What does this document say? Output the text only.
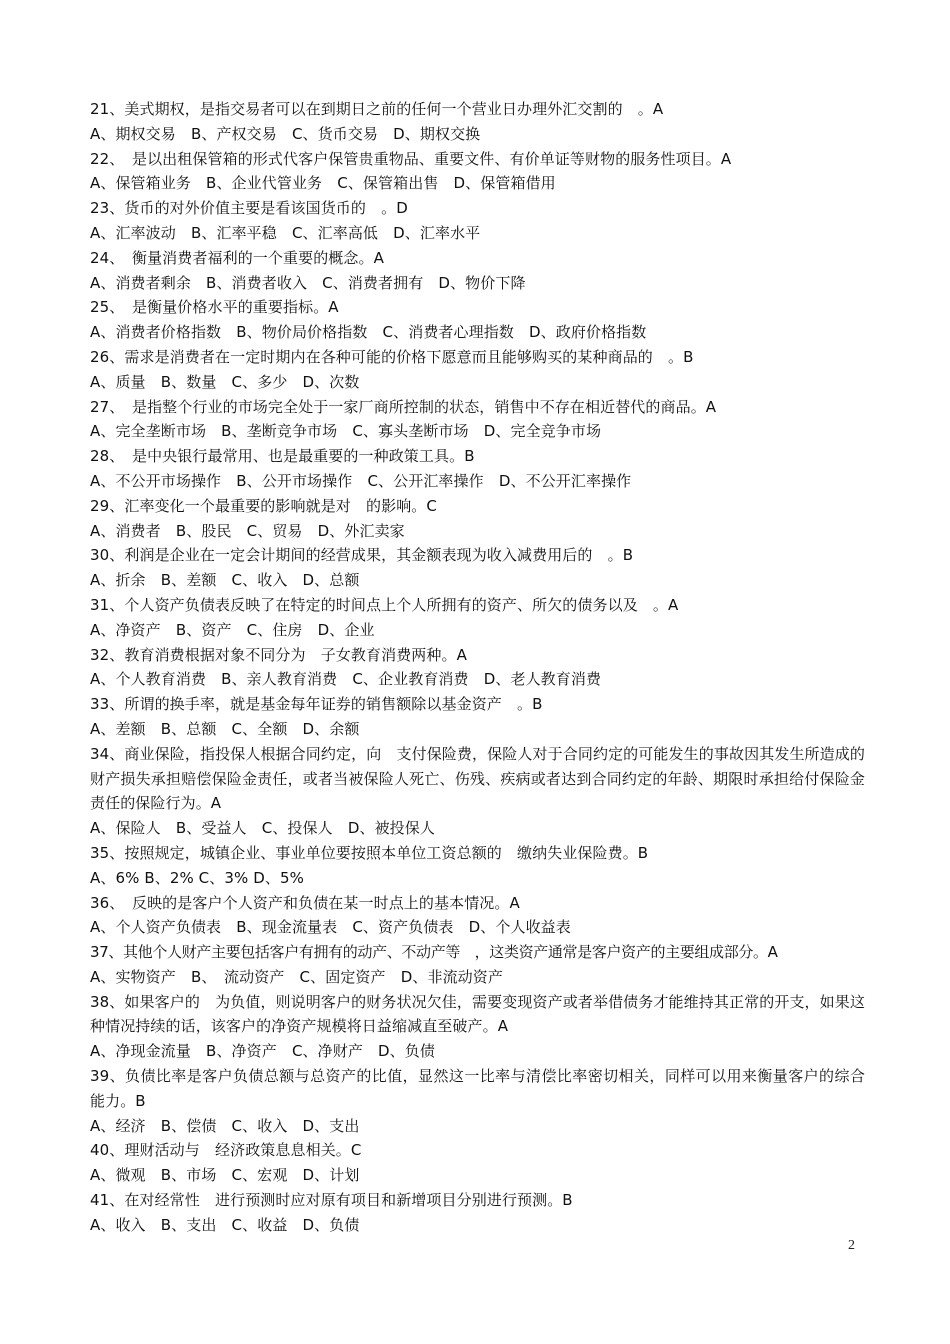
21、美式期权，是指交易者可以在到期日之前的任何一个营业日办理外汇交割的　。A

A、期权交易　B、产权交易　C、货币交易　D、期权交换

22、　是以出租保管箱的形式代客户保管贵重物品、重要文件、有价单证等财物的服务性项目。A

A、保管箱业务　B、企业代管业务　C、保管箱出售　D、保管箱借用

23、货币的对外价值主要是看该国货币的　。D

A、汇率波动　B、汇率平稳　C、汇率高低　D、汇率水平

24、　衡量消费者福利的一个重要的概念。A

A、消费者剩余　B、消费者收入　C、消费者拥有　D、物价下降

25、　是衡量价格水平的重要指标。A

A、消费者价格指数　B、物价局价格指数　C、消费者心理指数　D、政府价格指数

26、需求是消费者在一定时期内在各种可能的价格下愿意而且能够购买的某种商品的　。B

A、质量　B、数量　C、多少　D、次数

27、　是指整个行业的市场完全处于一家厂商所控制的状态，销售中不存在相近替代的商品。A

A、完全垄断市场　B、垄断竞争市场　C、寡头垄断市场　D、完全竞争市场

28、　是中央银行最常用、也是最重要的一种政策工具。B

A、不公开市场操作　B、公开市场操作　C、公开汇率操作　D、不公开汇率操作

29、汇率变化一个最重要的影响就是对　的影响。C

A、消费者　B、股民　C、贸易　D、外汇卖家

30、利润是企业在一定会计期间的经营成果，其金额表现为收入减费用后的　。B

A、折余　B、差额　C、收入　D、总额

31、个人资产负债表反映了在特定的时间点上个人所拥有的资产、所欠的债务以及　。A

A、净资产　B、资产　C、住房　D、企业

32、教育消费根据对象不同分为　子女教育消费两种。A

A、个人教育消费　B、亲人教育消费　C、企业教育消费　D、老人教育消费

33、所谓的换手率，就是基金每年证券的销售额除以基金资产　。B

A、差额　B、总额　C、全额　D、余额

34、商业保险，指投保人根据合同约定，向　支付保险费，保险人对于合同约定的可能发生的事故因其发生所造成的财产损失承担赔偿保险金责任，或者当被保险人死亡、伤残、疾病或者达到合同约定的年龄、期限时承担给付保险金责任的保险行为。A

A、保险人　B、受益人　C、投保人　D、被投保人

35、按照规定，城镇企业、事业单位要按照本单位工资总额的　缴纳失业保险费。B

A、6% B、2% C、3% D、5%

36、　反映的是客户个人资产和负债在某一时点上的基本情况。A

A、个人资产负债表　B、现金流量表　C、资产负债表　D、个人收益表

37、其他个人财产主要包括客户有拥有的动产、不动产等　，这类资产通常是客户资产的主要组成部分。A

A、实物资产　B、　流动资产　C、固定资产　D、非流动资产

38、如果客户的　为负值，则说明客户的财务状况欠佳，需要变现资产或者举借债务才能维持其正常的开支，如果这种情况持续的话，该客户的净资产规模将日益缩减直至破产。A

A、净现金流量　B、净资产　C、净财产　D、负债

39、负债比率是客户负债总额与总资产的比值，显然这一比率与清偿比率密切相关，同样可以用来衡量客户的综合　能力。B

A、经济　B、偿债　C、收入　D、支出

40、理财活动与　经济政策息息相关。C

A、微观　B、市场　C、宏观　D、计划

41、在对经常性　进行预测时应对原有项目和新增项目分别进行预测。B

A、收入　B、支出　C、收益　D、负债

2
